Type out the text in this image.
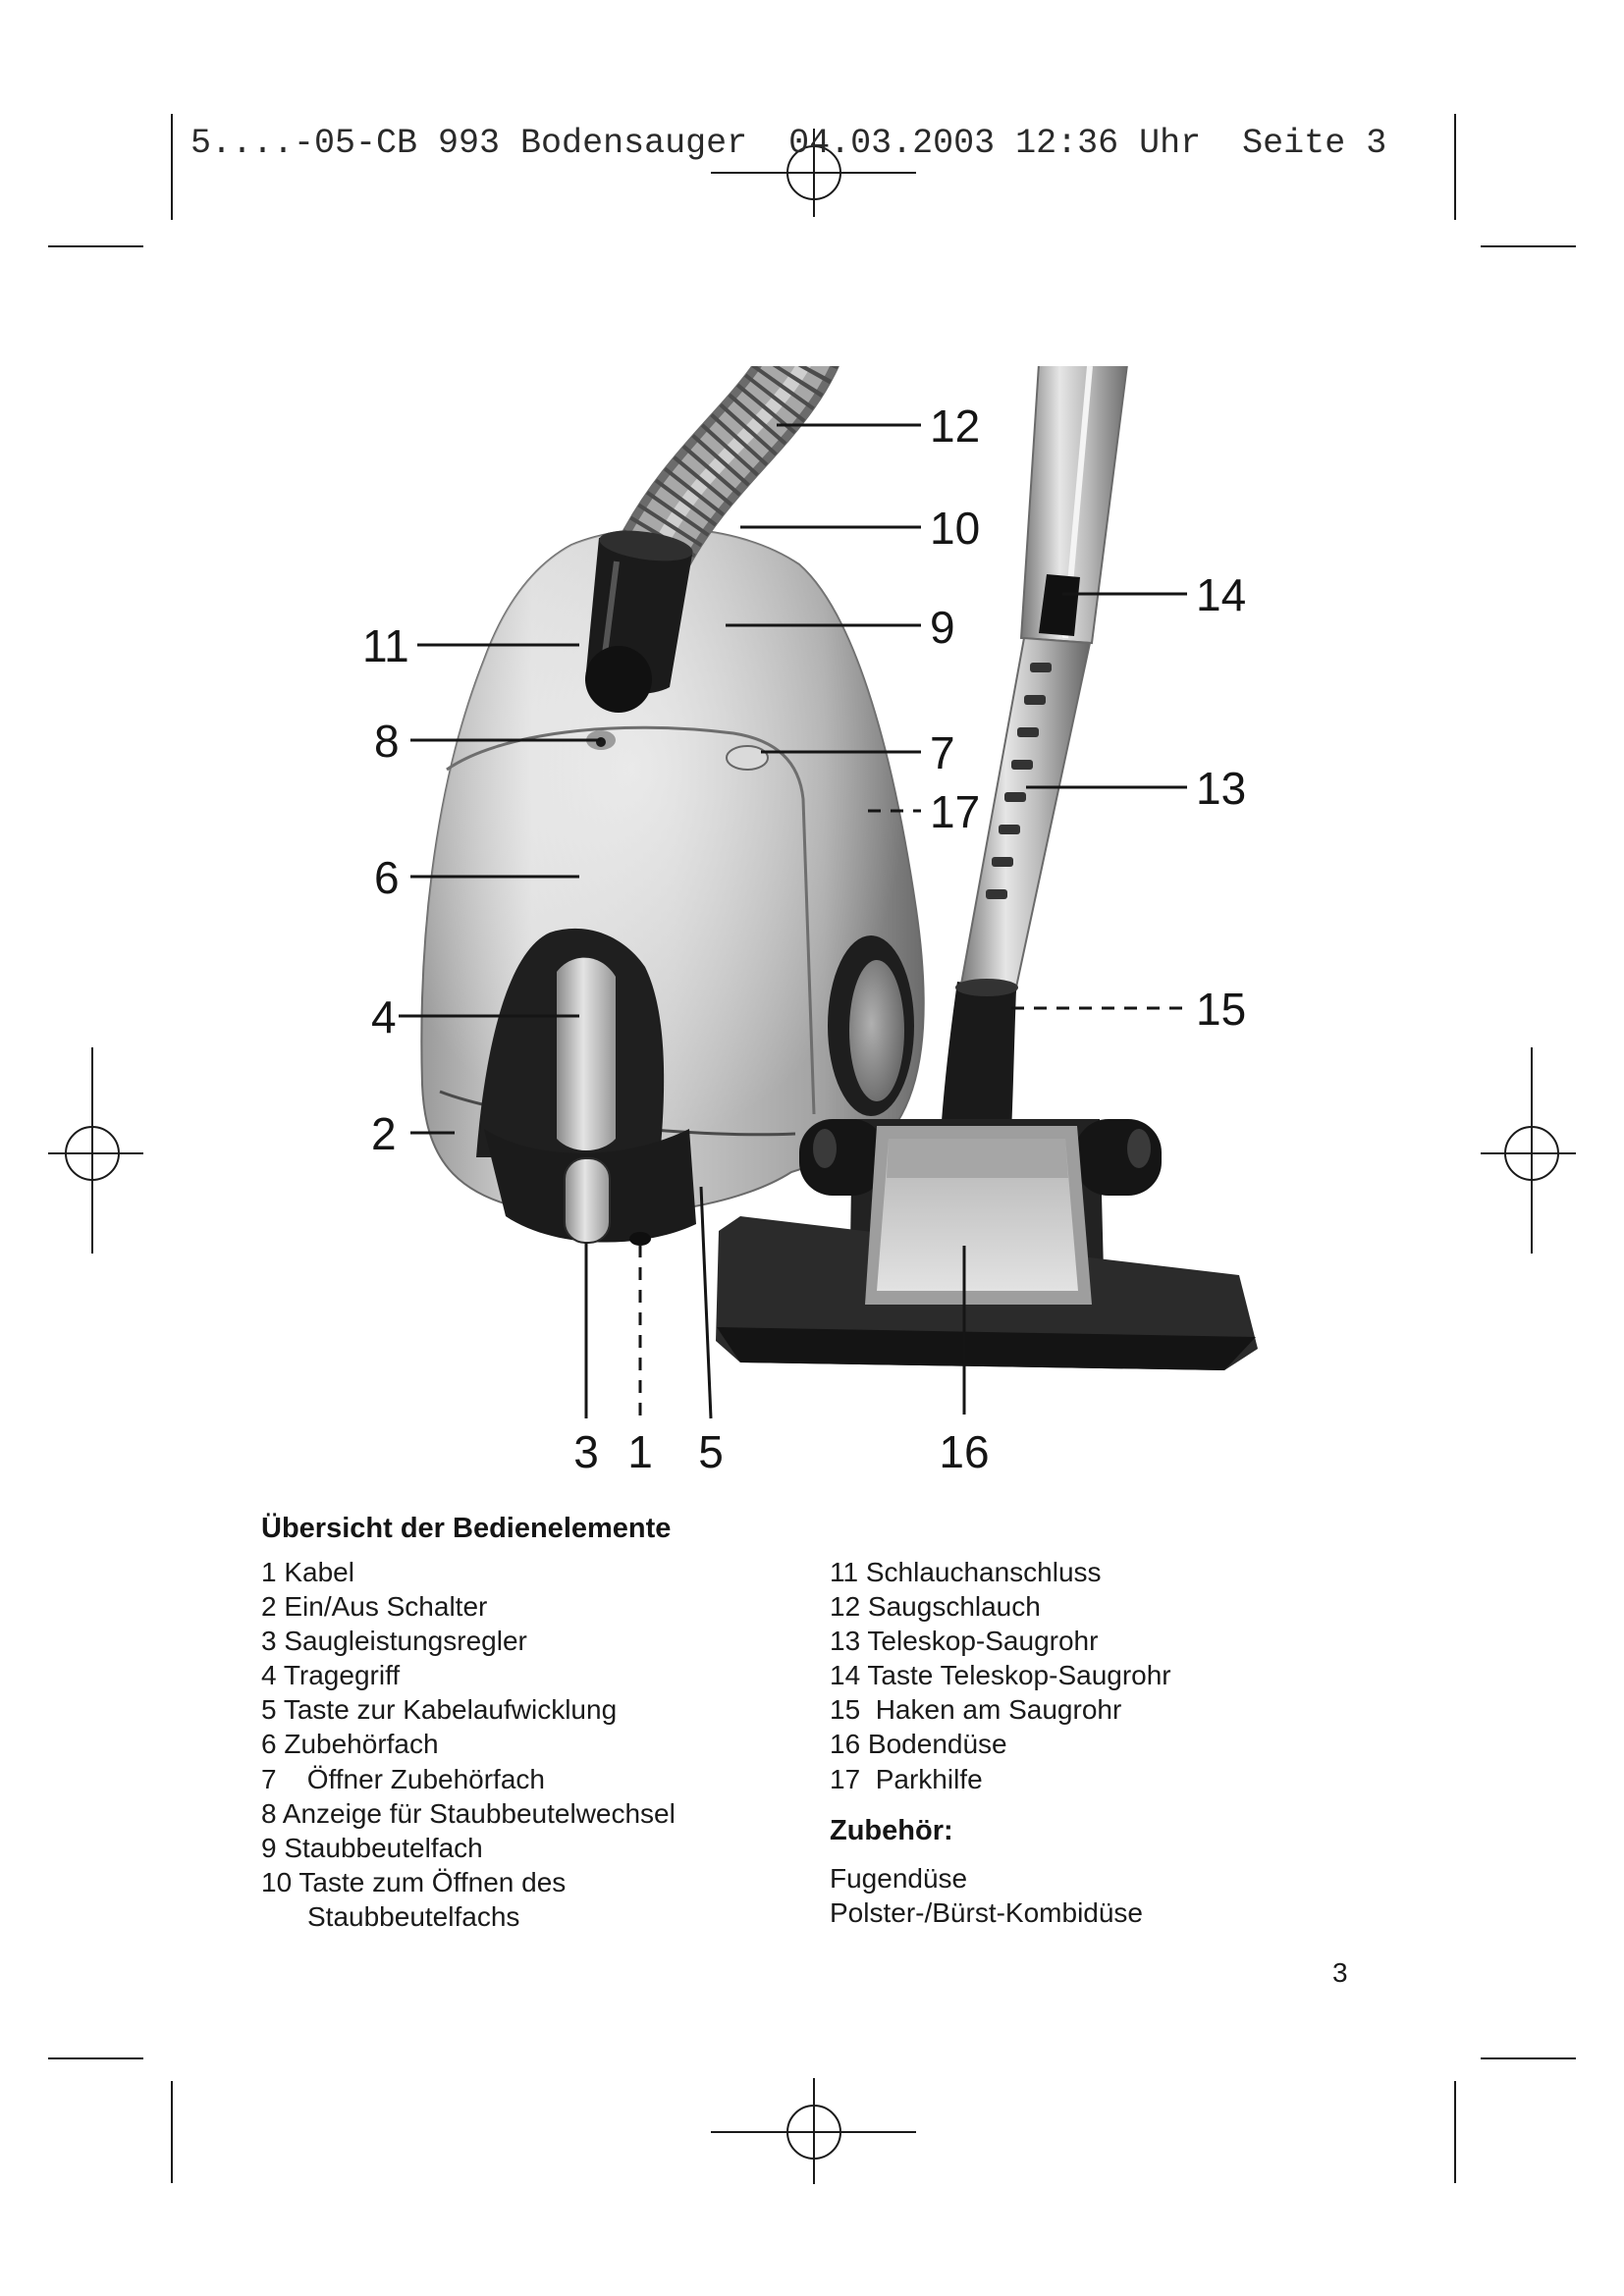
12
10
14
11	9
8	7
17	13
6
4	15
2
3 1 5	16
5....-05-CB 993 Bodensauger  04.03.2003 12:36 Uhr  Seite 3
Übersicht der Bedienelemente
1 Kabel
2 Ein/Aus Schalter
3 Saugleistungsregler
4 Tragegriff
5 Taste zur Kabelaufwicklung
6 Zubehörfach
7    Öffner Zubehörfach
8 Anzeige für Staubbeutelwechsel
9 Staubbeutelfach
10 Taste zum Öffnen des
Staubbeutelfachs
11 Schlauchanschluss
12 Saugschlauch
13 Teleskop-Saugrohr
14 Taste Teleskop-Saugrohr
15  Haken am Saugrohr
16 Bodendüse
17  Parkhilfe
Zubehör:
Fugendüse
Polster-/Bürst-Kombidüse
3
